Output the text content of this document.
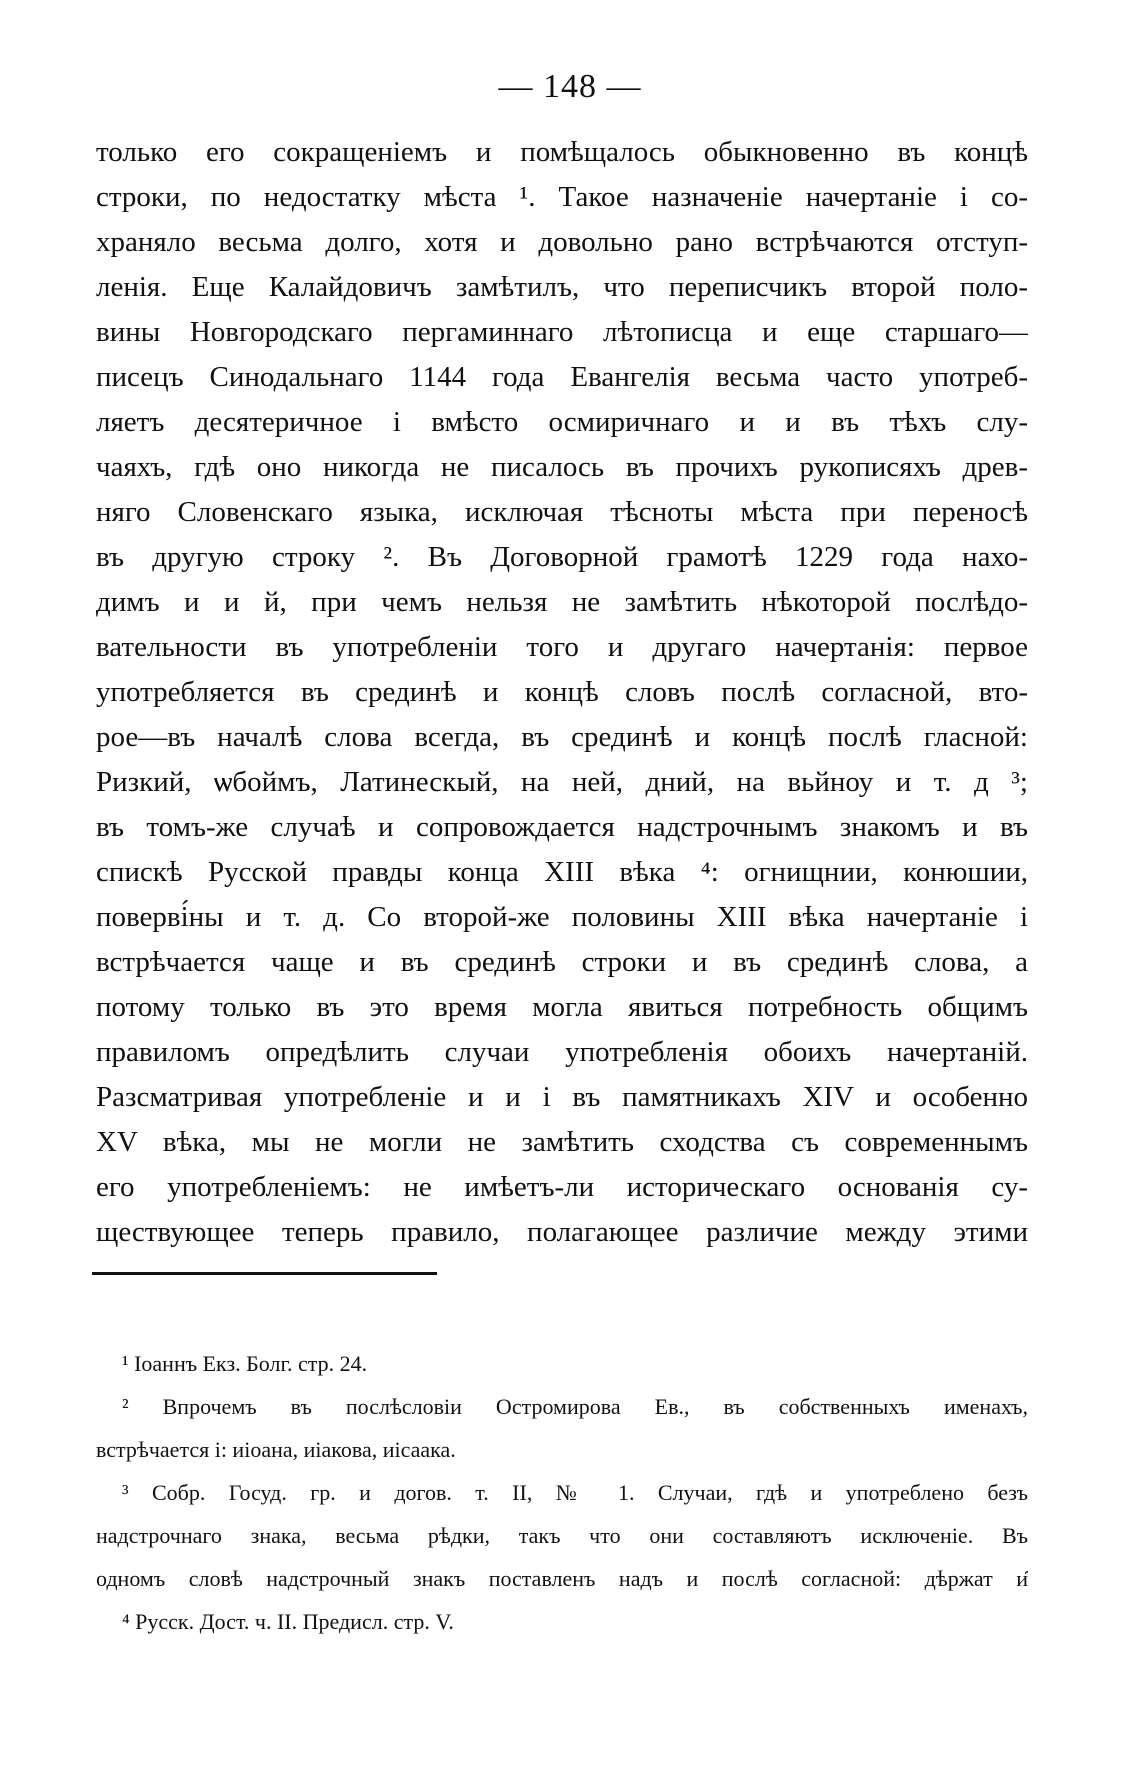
— 148 —
только его сокращеніемъ и помѣщалось обыкновенно въ концѣ
строки, по недостатку мѣста ¹. Такое назначеніе начертаніе і со-
храняло весьма долго, хотя и довольно рано встрѣчаются отступ-
ленія. Еще Калайдовичъ замѣтилъ, что переписчикъ второй поло-
вины Новгородскаго пергаминнаго лѣтописца и еще старшаго—
писецъ Синодальнаго 1144 года Евангелія весьма часто употреб-
ляетъ десятеричное і вмѣсто осмиричнаго и и въ тѣхъ слу-
чаяхъ, гдѣ оно никогда не писалось въ прочихъ рукописяхъ древ-
няго Словенскаго языка, исключая тѣсноты мѣста при переносѣ
въ другую строку ². Въ Договорной грамотѣ 1229 года нахо-
димъ и и й, при чемъ нельзя не замѣтить нѣкоторой послѣдо-
вательности въ употребленіи того и другаго начертанія: первое
употребляется въ срединѣ и концѣ словъ послѣ согласной, вто-
рое—въ началѣ слова всегда, въ срединѣ и концѣ послѣ гласной:
Ризкий, ѡбоймъ, Латинескый, на ней, дний, на вьйноу и т. д ³;
въ томъ-же случаѣ и сопровождается надстрочнымъ знакомъ и въ
спискѣ Русской правды конца XIII вѣка ⁴: огнищнии, конюшии,
поверві́ны и т. д. Со второй-же половины XIII вѣка начертаніе і
встрѣчается чаще и въ срединѣ строки и въ срединѣ слова, а
потому только въ это время могла явиться потребность общимъ
правиломъ опредѣлить случаи употребленія обоихъ начертаній.
Разсматривая употребленіе и и і въ памятникахъ XIV и особенно
XV вѣка, мы не могли не замѣтить сходства съ современнымъ
его употребленіемъ: не имѣетъ-ли историческаго основанія су-
ществующее теперь правило, полагающее различие между этими
¹ Іоаннъ Екз. Болг. стр. 24.
² Впрочемъ въ послѣсловіи Остромирова Ев., въ собственныхъ именахъ,
встрѣчается і: иіоана, иіакова, иісаака.
³ Собр. Госуд. гр. и догов. т. II, № 1. Случаи, гдѣ и употреблено безъ
надстрочнаго знака, весьма рѣдки, такъ что они составляютъ исключеніе. Въ
одномъ словѣ надстрочный знакъ поставленъ надъ и послѣ согласной: дѣржат и̑
⁴ Русск. Дост. ч. II. Предисл. стр. V.
